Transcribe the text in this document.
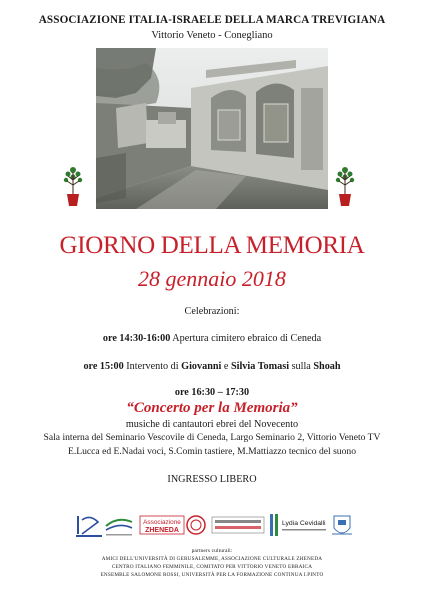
ASSOCIAZIONE ITALIA-ISRAELE DELLA MARCA TREVIGIANA
Vittorio Veneto - Conegliano
GIORNO DELLA MEMORIA
28 gennaio 2018
Celebrazioni:
ore 14:30-16:00 Apertura cimitero ebraico di Ceneda
ore 15:00 Intervento di Giovanni e Silvia Tomasi sulla Shoah
ore 16:30 – 17:30
“Concerto per la Memoria”
musiche di cantautori ebrei del Novecento
Sala interna del Seminario Vescovile di Ceneda, Largo Seminario 2, Vittorio Veneto TV
E.Lucca ed E.Nadai voci, S.Comin tastiere, M.Mattiazzo tecnico del suono
INGRESSO LIBERO
Associazione
ZHENEDA
Lydia Cevidalli
partners culturali:
AMICI DELL'UNIVERSITÀ DI GERUSALEMME, ASSOCIAZIONE CULTURALE ZHENEDA
CENTRO ITALIANO FEMMINILE, COMITATO PER VITTORIO VENETO EBRAICA
ENSEMBLE SALOMONE ROSSI, UNIVERSITÀ PER LA FORMAZIONE CONTINUA I.PINTO
